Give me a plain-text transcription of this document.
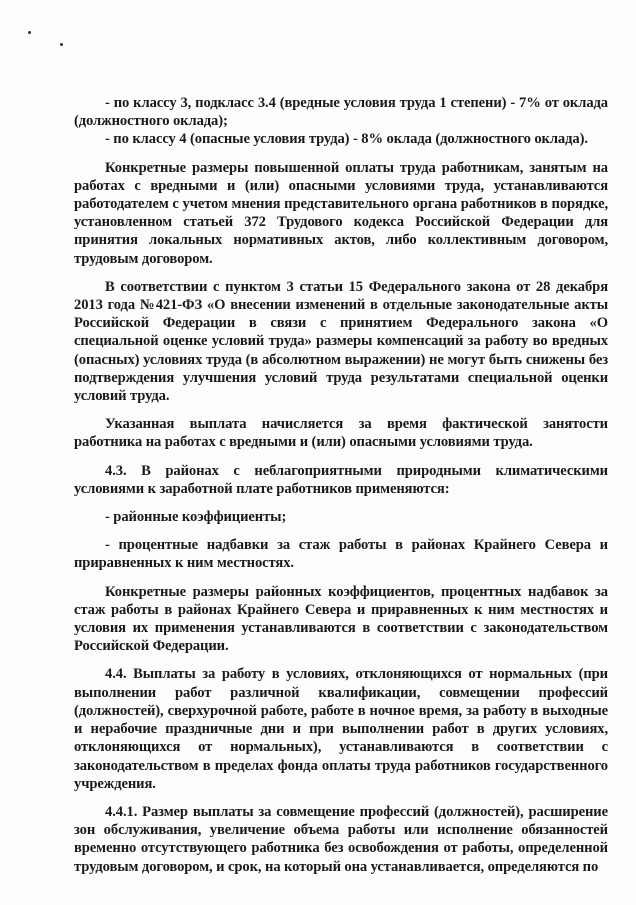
- по классу 3, подкласс 3.4 (вредные условия труда 1 степени) - 7% от оклада (должностного оклада);

- по классу 4 (опасные условия труда) - 8% оклада (должностного оклада).

Конкретные размеры повышенной оплаты труда работникам, занятым на работах с вредными и (или) опасными условиями труда, устанавливаются работодателем с учетом мнения представительного органа работников в порядке, установленном статьей 372 Трудового кодекса Российской Федерации для принятия локальных нормативных актов, либо коллективным договором, трудовым договором.

В соответствии с пунктом 3 статьи 15 Федерального закона от 28 декабря 2013 года №421-ФЗ «О внесении изменений в отдельные законодательные акты Российской Федерации в связи с принятием Федерального закона «О специальной оценке условий труда» размеры компенсаций за работу во вредных (опасных) условиях труда (в абсолютном выражении) не могут быть снижены без подтверждения улучшения условий труда результатами специальной оценки условий труда.

Указанная выплата начисляется за время фактической занятости работника на работах с вредными и (или) опасными условиями труда.

4.3. В районах с неблагоприятными природными климатическими условиями к заработной плате работников применяются:

- районные коэффициенты;

- процентные надбавки за стаж работы в районах Крайнего Севера и приравненных к ним местностях.

Конкретные размеры районных коэффициентов, процентных надбавок за стаж работы в районах Крайнего Севера и приравненных к ним местностях и условия их применения устанавливаются в соответствии с законодательством Российской Федерации.

4.4. Выплаты за работу в условиях, отклоняющихся от нормальных (при выполнении работ различной квалификации, совмещении профессий (должностей), сверхурочной работе, работе в ночное время, за работу в выходные и нерабочие праздничные дни и при выполнении работ в других условиях, отклоняющихся от нормальных), устанавливаются в соответствии с законодательством в пределах фонда оплаты труда работников государственного учреждения.

4.4.1. Размер выплаты за совмещение профессий (должностей), расширение зон обслуживания, увеличение объема работы или исполнение обязанностей временно отсутствующего работника без освобождения от работы, определенной трудовым договором, и срок, на который она устанавливается, определяются по
